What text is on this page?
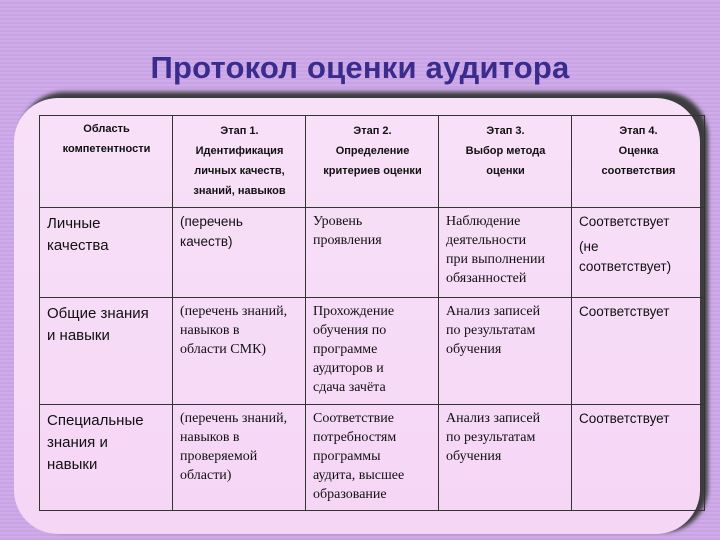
Протокол оценки аудитора
Область
компетентности	Этап 1.
Идентификация
личных качеств,
знаний, навыков	Этап 2.
Определение
критериев оценки	Этап 3.
Выбор метода
оценки	Этап 4.
Оценка
соответствия

Личные
качества	(перечень
качеств)	Уровень
проявления	Наблюдение
деятельности
при выполнении
обязанностей	Соответствует
(не
соответствует)

Общие знания
и навыки	(перечень знаний,
навыков в
области СМК)	Прохождение
обучения по
программе
аудиторов и
сдача зачёта	Анализ записей
по результатам
обучения	Соответствует

Специальные
знания и
навыки	(перечень знаний,
навыков в
проверяемой
области)	Соответствие
потребностям
программы
аудита, высшее
образование	Анализ записей
по результатам
обучения	Соответствует
